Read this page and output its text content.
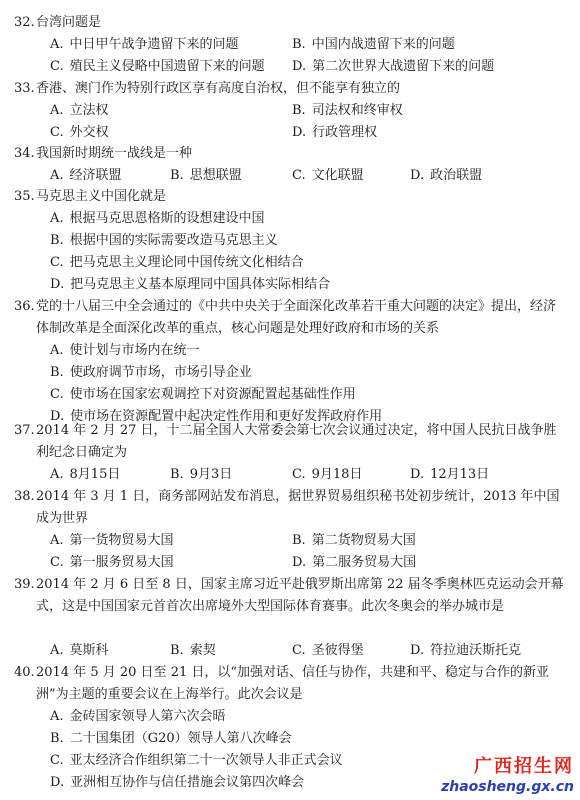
32. 台湾问题是
A. 中日甲午战争遗留下来的问题	B. 中国内战遗留下来的问题
C. 殖民主义侵略中国遗留下来的问题 D. 第二次世界大战遗留下来的问题
33. 香港、澳门作为特别行政区享有高度自治权，但不能享有独立的
A. 立法权	B. 司法权和终审权
C. 外交权	D. 行政管理权
34. 我国新时期统一战线是一种
A. 经济联盟	B. 思想联盟	C. 文化联盟	D. 政治联盟
35. 马克思主义中国化就是
A. 根据马克思恩格斯的设想建设中国
B. 根据中国的实际需要改造马克思主义
C. 把马克思主义理论同中国传统文化相结合
D. 把马克思主义基本原理同中国具体实际相结合
36. 党的十八届三中全会通过的《中共中央关于全面深化改革若干重大问题的决定》提出，经济体制改革是全面深化改革的重点，核心问题是处理好政府和市场的关系
A. 使计划与市场内在统一
B. 使政府调节市场，市场引导企业
C. 使市场在国家宏观调控下对资源配置起基础性作用
D. 使市场在资源配置中起决定性作用和更好发挥政府作用
37. 2014 年 2 月 27 日，十二届全国人大常委会第七次会议通过决定，将中国人民抗日战争胜利纪念日确定为
A. 8月15日	B. 9月3日	C. 9月18日	D. 12月13日
38. 2014 年 3 月 1 日，商务部网站发布消息，据世界贸易组织秘书处初步统计，2013 年中国成为世界
A. 第一货物贸易大国	B. 第二货物贸易大国
C. 第一服务贸易大国	D. 第二服务贸易大国
39. 2014 年 2 月 6 日至 8 日，国家主席习近平赴俄罗斯出席第 22 届冬季奥林匹克运动会开幕式，这是中国国家元首首次出席境外大型国际体育赛事。此次冬奥会的举办城市是
A. 莫斯科	B. 索契	C. 圣彼得堡	D. 符拉迪沃斯托克
40. 2014 年 5 月 20 日至 21 日，以“加强对话、信任与协作，共建和平、稳定与合作的新亚洲”为主题的重要会议在上海举行。此次会议是
A. 金砖国家领导人第六次会晤
B. 二十国集团（G20）领导人第八次峰会
C. 亚太经济合作组织第二十一次领导人非正式会议
D. 亚洲相互协作与信任措施会议第四次峰会
广西招生网
zhaosheng.gx.cn
